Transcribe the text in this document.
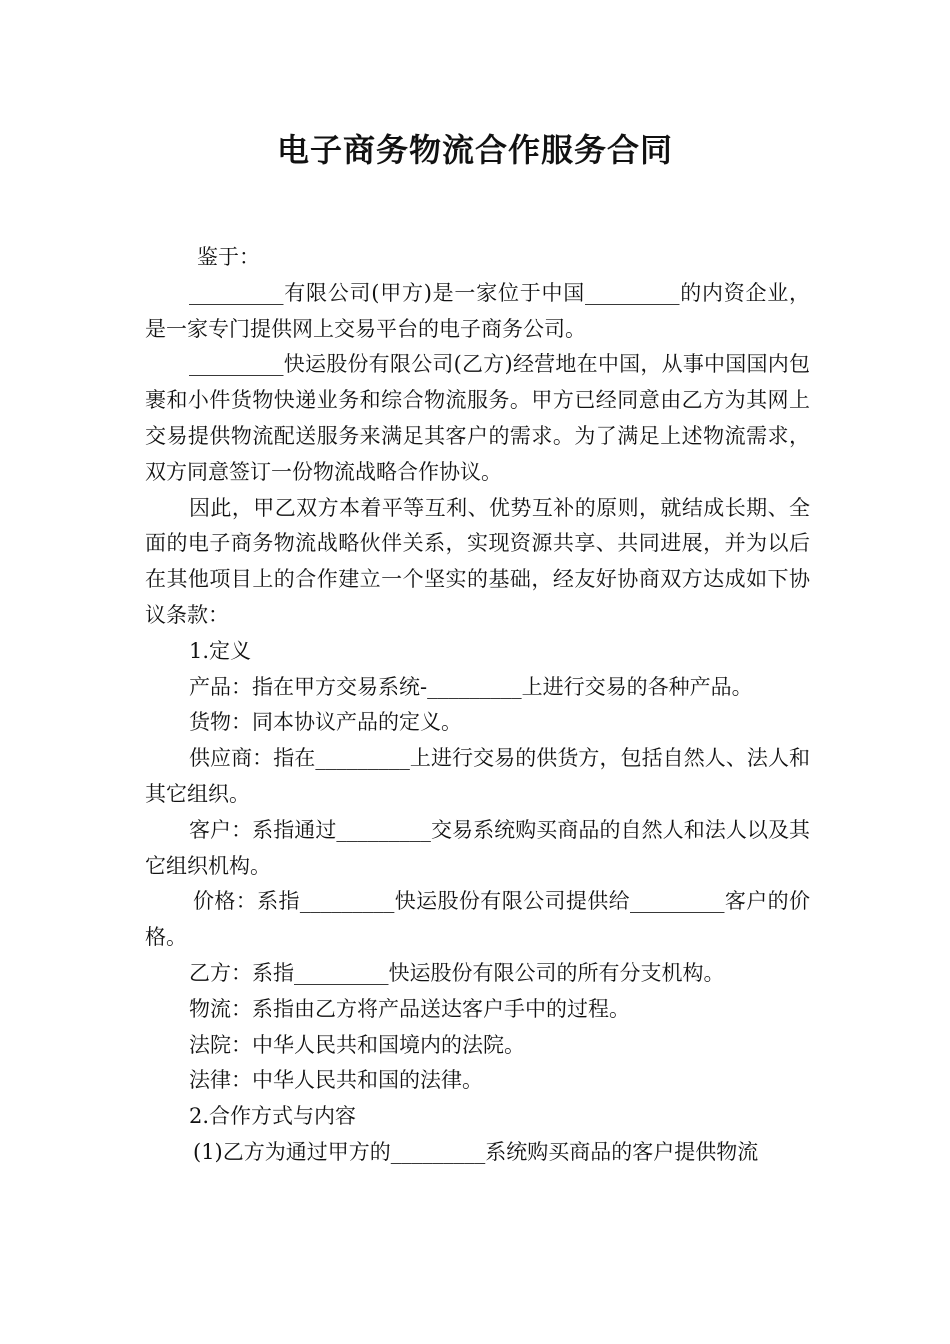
电子商务物流合作服务合同

鉴于：

_________有限公司(甲方)是一家位于中国_________的内资企业，是一家专门提供网上交易平台的电子商务公司。

_________快运股份有限公司(乙方)经营地在中国，从事中国国内包裹和小件货物快递业务和综合物流服务。甲方已经同意由乙方为其网上交易提供物流配送服务来满足其客户的需求。为了满足上述物流需求，双方同意签订一份物流战略合作协议。

因此，甲乙双方本着平等互利、优势互补的原则，就结成长期、全面的电子商务物流战略伙伴关系，实现资源共享、共同进展，并为以后在其他项目上的合作建立一个坚实的基础，经友好协商双方达成如下协议条款：

1.定义

产品：指在甲方交易系统-_________上进行交易的各种产品。

货物：同本协议产品的定义。

供应商：指在_________上进行交易的供货方，包括自然人、法人和其它组织。

客户：系指通过_________交易系统购买商品的自然人和法人以及其它组织机构。

价格：系指_________快运股份有限公司提供给_________客户的价格。

乙方：系指_________快运股份有限公司的所有分支机构。

物流：系指由乙方将产品送达客户手中的过程。

法院：中华人民共和国境内的法院。

法律：中华人民共和国的法律。

2.合作方式与内容

(1)乙方为通过甲方的_________系统购买商品的客户提供物流
